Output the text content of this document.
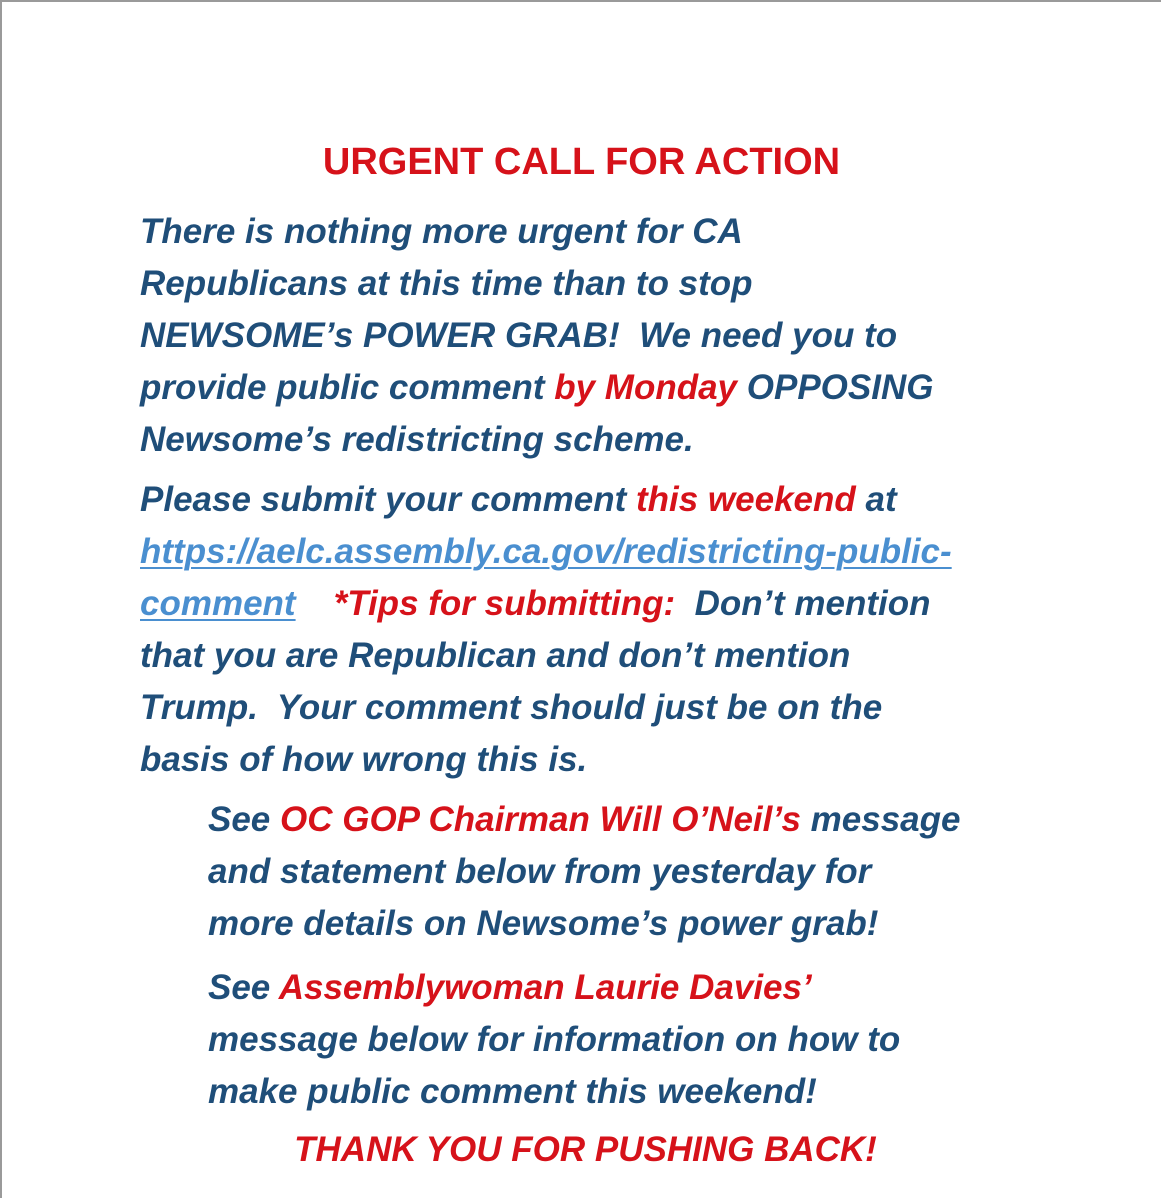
URGENT CALL FOR ACTION

There is nothing more urgent for CA
Republicans at this time than to stop
NEWSOME’s POWER GRAB!  We need you to
provide public comment by Monday OPPOSING
Newsome’s redistricting scheme.

Please submit your comment this weekend at
https://aelc.assembly.ca.gov/redistricting-public-
comment *Tips for submitting:  Don’t mention
that you are Republican and don’t mention
Trump.  Your comment should just be on the
basis of how wrong this is.

See OC GOP Chairman Will O’Neil’s message
and statement below from yesterday for
more details on Newsome’s power grab!

See Assemblywoman Laurie Davies’
message below for information on how to
make public comment this weekend!

THANK YOU FOR PUSHING BACK!
